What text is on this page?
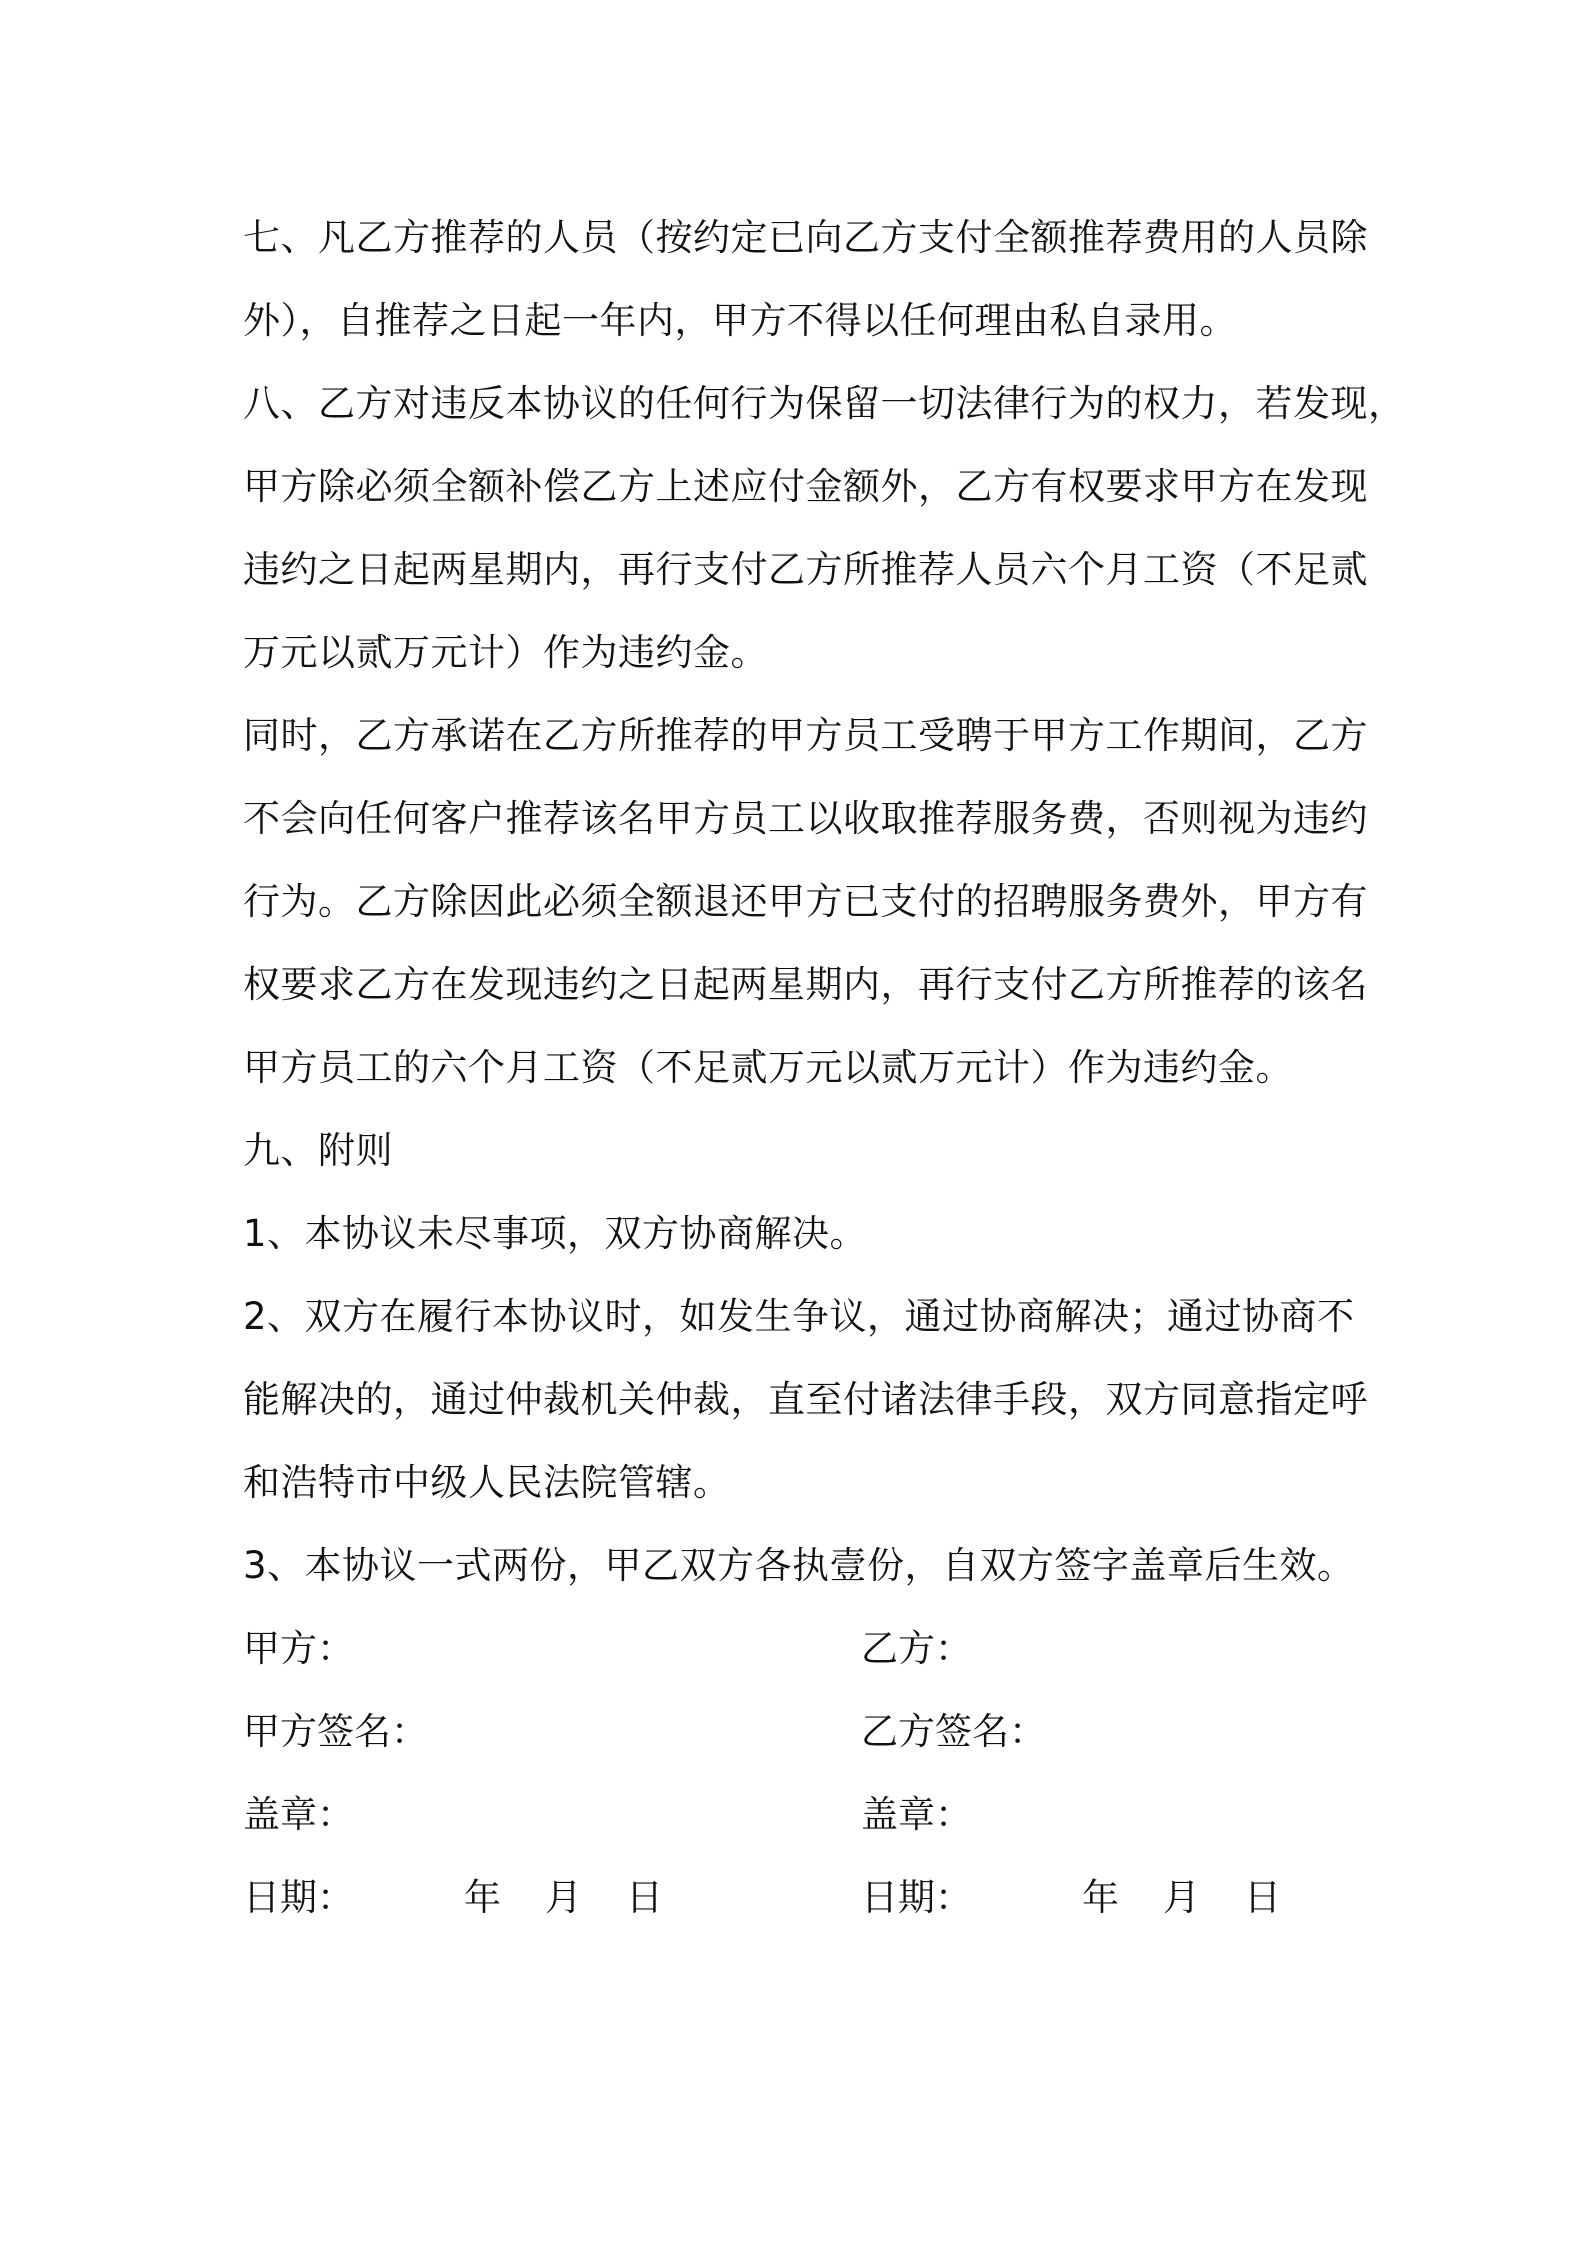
七、凡乙方推荐的人员（按约定已向乙方支付全额推荐费用的人员除
外），自推荐之日起一年内，甲方不得以任何理由私自录用。
八、乙方对违反本协议的任何行为保留一切法律行为的权力，若发现，
甲方除必须全额补偿乙方上述应付金额外，乙方有权要求甲方在发现
违约之日起两星期内，再行支付乙方所推荐人员六个月工资（不足贰
万元以贰万元计）作为违约金。
同时，乙方承诺在乙方所推荐的甲方员工受聘于甲方工作期间，乙方
不会向任何客户推荐该名甲方员工以收取推荐服务费，否则视为违约
行为。乙方除因此必须全额退还甲方已支付的招聘服务费外，甲方有
权要求乙方在发现违约之日起两星期内，再行支付乙方所推荐的该名
甲方员工的六个月工资（不足贰万元以贰万元计）作为违约金。
九、附则
1、本协议未尽事项，双方协商解决。
2、双方在履行本协议时，如发生争议，通过协商解决；通过协商不
能解决的，通过仲裁机关仲裁，直至付诸法律手段，双方同意指定呼
和浩特市中级人民法院管辖。
3、本协议一式两份，甲乙双方各执壹份，自双方签字盖章后生效。
甲方：	乙方：
甲方签名：	乙方签名：
盖章：	盖章：
日期：	年 月 日	日期：	年 月 日
